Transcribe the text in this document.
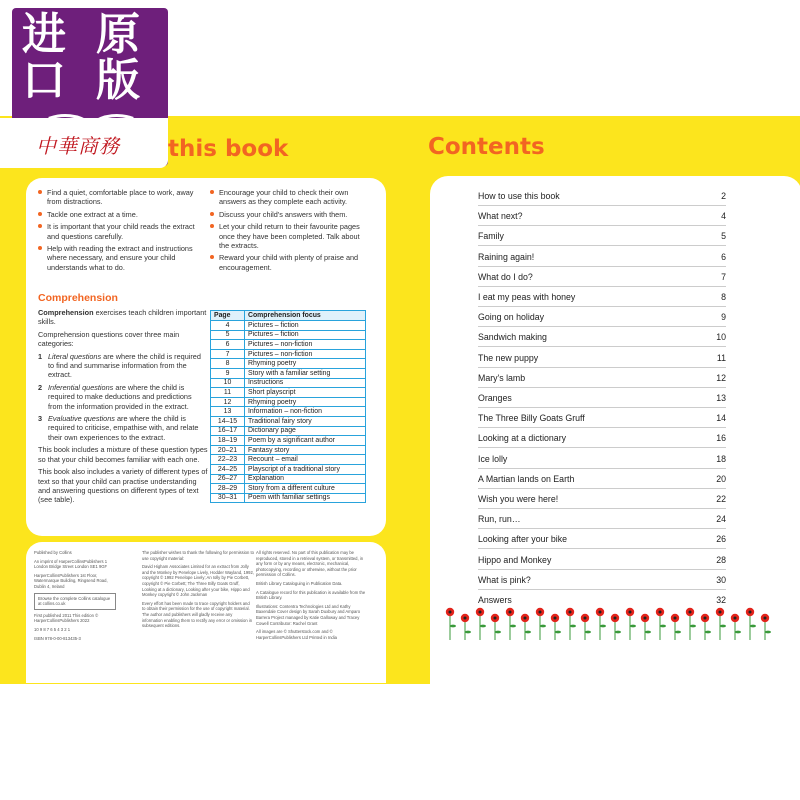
进口
原版
中華商務 this book	Contents
Find a quiet, comfortable place to work, away from distractions.
Tackle one extract at a time.
It is important that your child reads the extract and questions carefully.
Help with reading the extract and instructions where necessary, and ensure your child understands what to do.
Encourage your child to check their own answers as they complete each activity.
Discuss your child's answers with them.
Let your child return to their favourite pages once they have been completed. Talk about the extracts.
Reward your child with plenty of praise and encouragement.
Comprehension

Comprehension exercises teach children important skills.

Comprehension questions cover three main categories:

1 Literal questions are where the child is required to find and summarise information from the extract.
2 Inferential questions are where the child is required to make deductions and predictions from the information provided in the extract.
3 Evaluative questions are where the child is required to criticise, empathise with, and relate their own experiences to the extract.

This book includes a mixture of these question types so that your child becomes familiar with each one.

This book also includes a variety of different types of text so that your child can practise understanding and answering questions on different types of text (see table).

Page	Comprehension focus
4	Pictures – fiction
5	Pictures – fiction
6	Pictures – non-fiction
7	Pictures – non-fiction
8	Rhyming poetry
9	Story with a familiar setting
10	Instructions
11	Short playscript
12	Rhyming poetry
13	Information – non-fiction
14–15	Traditional fairy story
16–17	Dictionary page
18–19	Poem by a significant author
20–21	Fantasy story
22–23	Recount – email
24–25	Playscript of a traditional story
26–27	Explanation
28–29	Story from a different culture
30–31	Poem with familiar settings

Published by Collins

An imprint of HarperCollinsPublishers 1 London Bridge Street London SE1 9GF

HarperCollinsPublishers 1st Floor, Watermarque Building, Ringsend Road, Dublin 4, Ireland

Browse the complete Collins catalogue at collins.co.uk

First published 2011 This edition © HarperCollinsPublishers 2022

10 9 8 7 6 5 4 3 2 1

ISBN 978-0-00-813435-3

The publisher wishes to thank the following for permission to use copyright material:

David Higham Associates Limited for an extract from Jolly and the Monkey by Penelope Lively, Hodder Wayland, 1992, copyright © 1992 Penelope Lively; An Iolly by Pie Corbett, copyright © Pie Corbett; The Three Billy Goats Gruff, Looking at a dictionary, Looking after your bike, Hippo and Monkey copyright © John Jackman

Every effort has been made to trace copyright holders and to obtain their permission for the use of copyright material. The author and publishers will gladly receive any information enabling them to rectify any error or omission in subsequent editions.

All rights reserved. No part of this publication may be reproduced, stored in a retrieval system, or transmitted, in any form or by any means, electronic, mechanical, photocopying, recording or otherwise, without the prior permission of Collins.

British Library Cataloguing in Publication Data.

A Catalogue record for this publication is available from the British Library.

Illustrations: Contentra Technologies Ltd and Kathy Baxendale Cover design by Sarah Duxbury and Amparo Barrera Project managed by Katie Galloway and Tracey Cowell Contributor: Rachel Grant

All images are © Shutterstock.com and © HarperCollinsPublishers Ltd Printed in India

How to use this book	2
What next?	4
Family	5
Raining again!	6
What do I do?	7
I eat my peas with honey	8
Going on holiday	9
Sandwich making	10
The new puppy	11
Mary's lamb	12
Oranges	13
The Three Billy Goats Gruff	14
Looking at a dictionary	16
Ice lolly	18
A Martian lands on Earth	20
Wish you were here!	22
Run, run…	24
Looking after your bike	26
Hippo and Monkey	28
What is pink?	30
Answers	32
